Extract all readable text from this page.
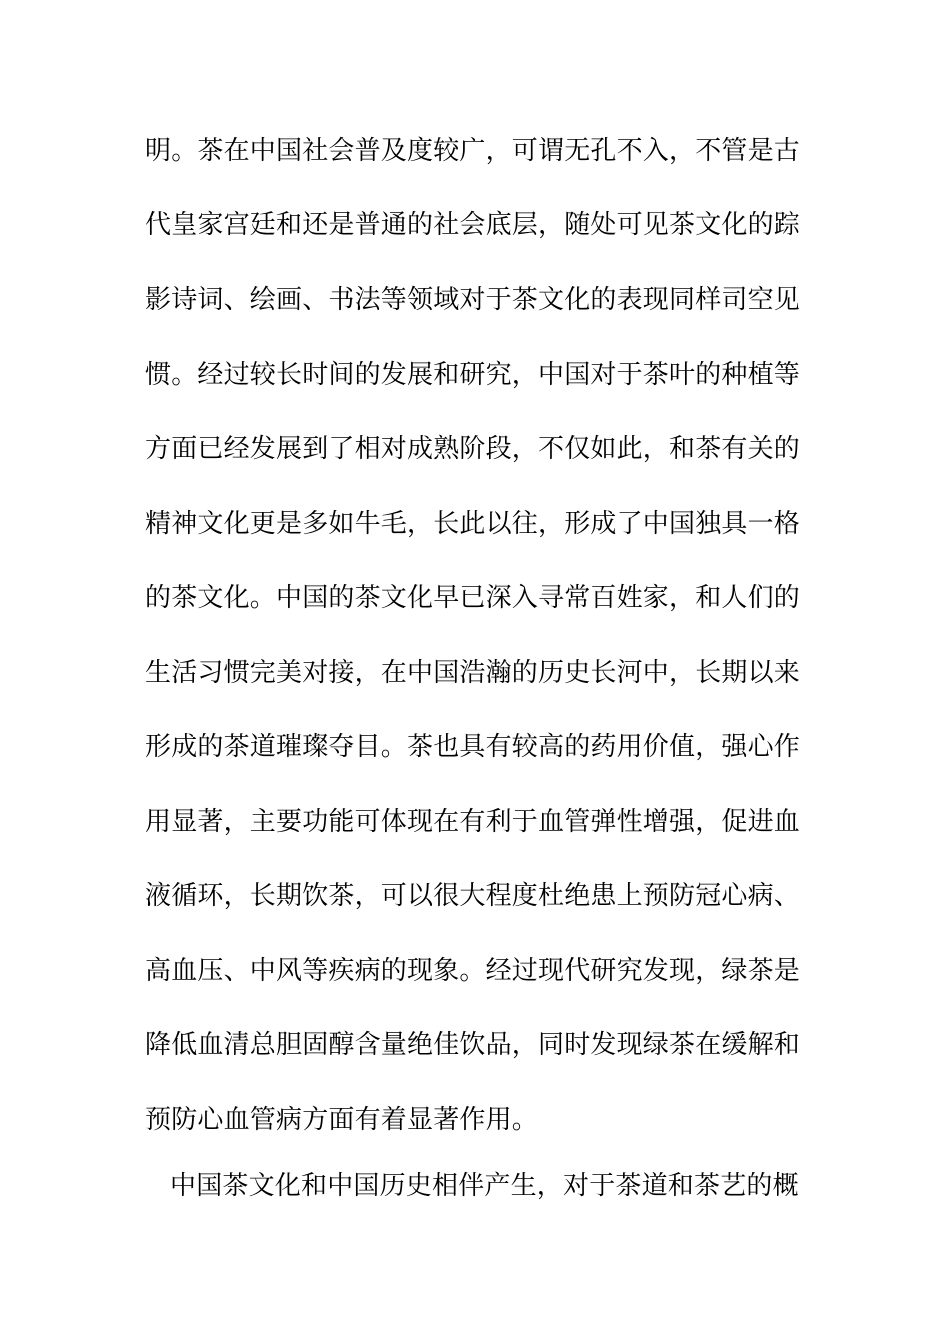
明。茶在中国社会普及度较广，可谓无孔不入，不管是古
代皇家宫廷和还是普通的社会底层，随处可见茶文化的踪
影诗词、绘画、书法等领域对于茶文化的表现同样司空见
惯。经过较长时间的发展和研究，中国对于茶叶的种植等
方面已经发展到了相对成熟阶段，不仅如此，和茶有关的
精神文化更是多如牛毛，长此以往，形成了中国独具一格
的茶文化。中国的茶文化早已深入寻常百姓家，和人们的
生活习惯完美对接，在中国浩瀚的历史长河中，长期以来
形成的茶道璀璨夺目。茶也具有较高的药用价值，强心作
用显著，主要功能可体现在有利于血管弹性增强，促进血
液循环，长期饮茶，可以很大程度杜绝患上预防冠心病、
高血压、中风等疾病的现象。经过现代研究发现，绿茶是
降低血清总胆固醇含量绝佳饮品，同时发现绿茶在缓解和
预防心血管病方面有着显著作用。
中国茶文化和中国历史相伴产生，对于茶道和茶艺的概
